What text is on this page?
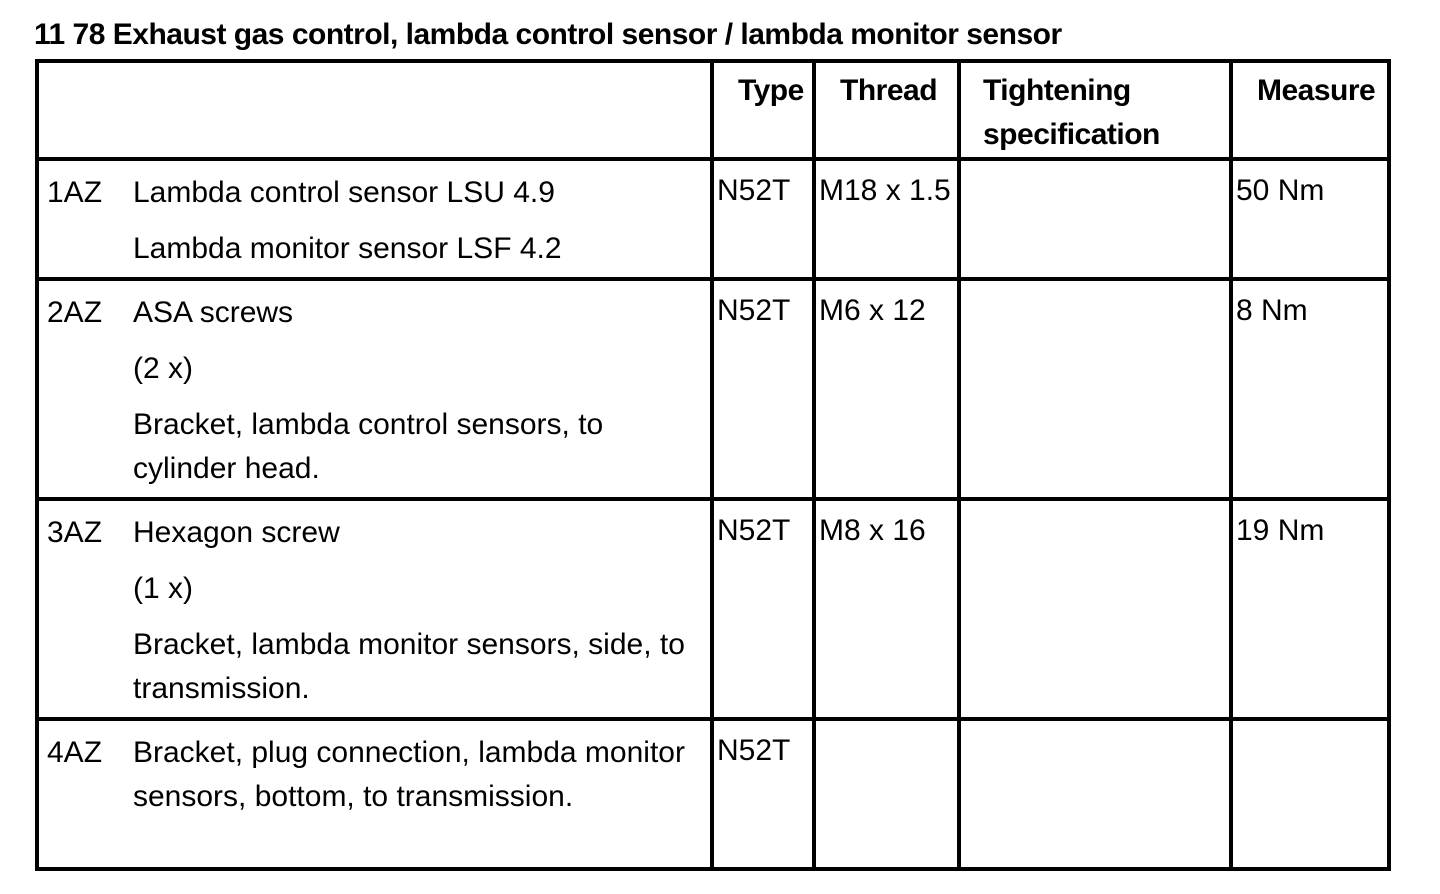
11 78 Exhaust gas control, lambda control sensor / lambda monitor sensor
	Type	Thread	Tightening specification	Measure

1AZ Lambda control sensor LSU 4.9
Lambda monitor sensor LSF 4.2	N52T	M18 x 1.5		50 Nm

2AZ ASA screws
(2 x)
Bracket, lambda control sensors, to cylinder head.	N52T	M6 x 12		8 Nm

3AZ Hexagon screw
(1 x)
Bracket, lambda monitor sensors, side, to transmission.	N52T	M8 x 16		19 Nm

4AZ Bracket, plug connection, lambda monitor sensors, bottom, to transmission.	N52T			
